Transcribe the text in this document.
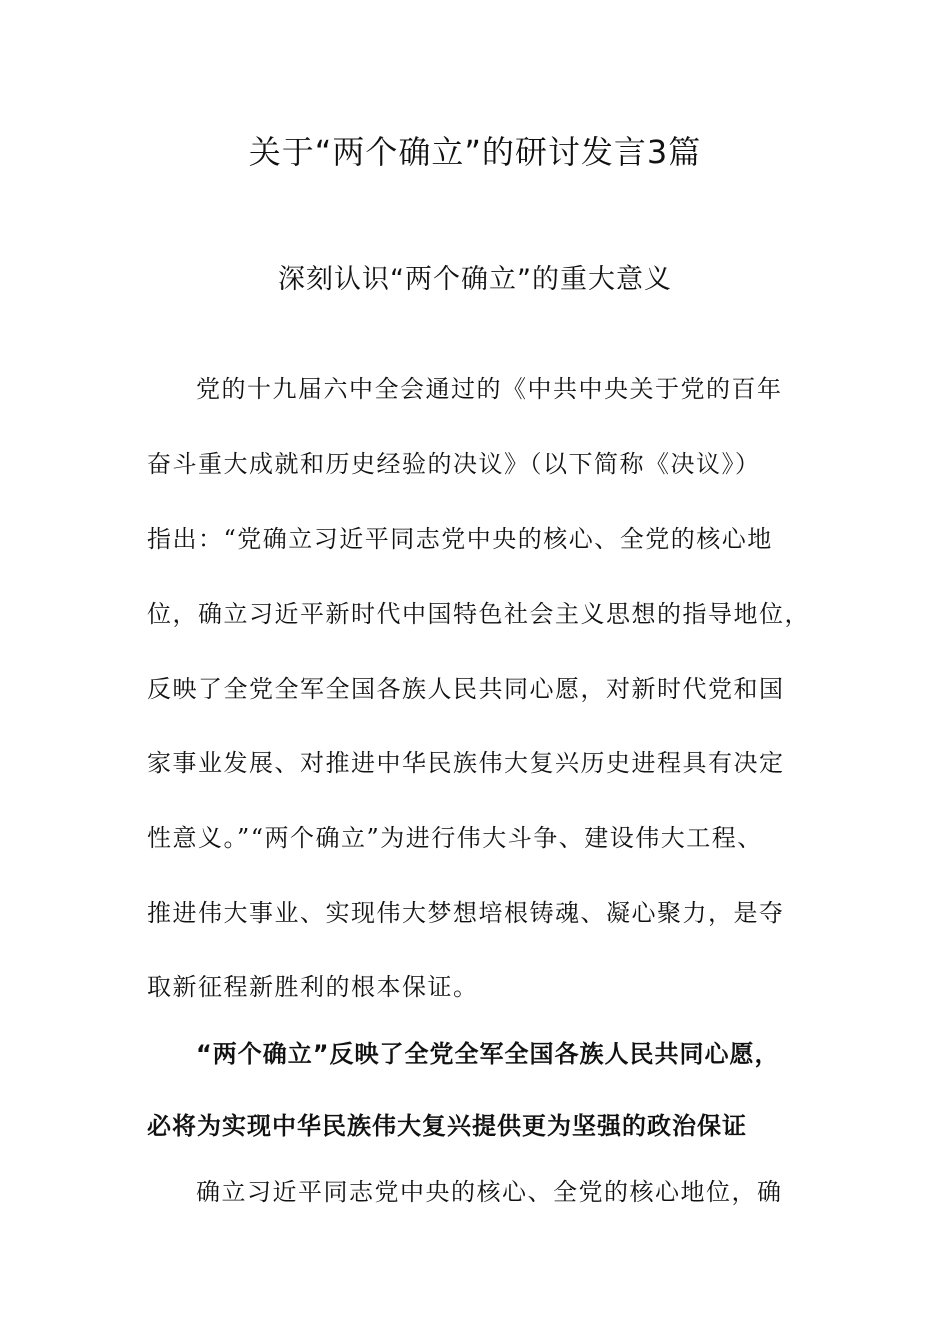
关于“两个确立”的研讨发言3篇
深刻认识“两个确立”的重大意义
党的十九届六中全会通过的《中共中央关于党的百年
奋斗重大成就和历史经验的决议》（以下简称《决议》）
指出：“党确立习近平同志党中央的核心、全党的核心地
位，确立习近平新时代中国特色社会主义思想的指导地位，
反映了全党全军全国各族人民共同心愿，对新时代党和国
家事业发展、对推进中华民族伟大复兴历史进程具有决定
性意义。”“两个确立”为进行伟大斗争、建设伟大工程、
推进伟大事业、实现伟大梦想培根铸魂、凝心聚力，是夺
取新征程新胜利的根本保证。
“两个确立”反映了全党全军全国各族人民共同心愿，
必将为实现中华民族伟大复兴提供更为坚强的政治保证
确立习近平同志党中央的核心、全党的核心地位，确
